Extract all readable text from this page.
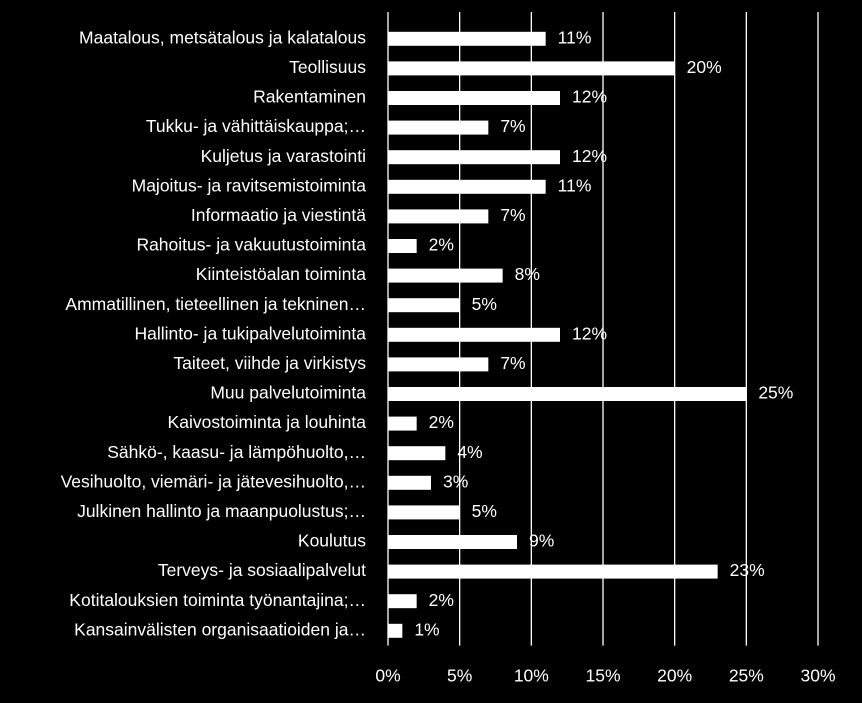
Maatalous, metsätalous ja kalatalous
Teollisuus
Rakentaminen
Tukku- ja vähittäiskauppa;…
Kuljetus ja varastointi
Majoitus- ja ravitsemistoiminta
Informaatio ja viestintä
Rahoitus- ja vakuutustoiminta
Kiinteistöalan toiminta
Ammatillinen, tieteellinen ja tekninen…
Hallinto- ja tukipalvelutoiminta
Taiteet, viihde ja virkistys
Muu palvelutoiminta
Kaivostoiminta ja louhinta
Sähkö-, kaasu- ja lämpöhuolto,…
Vesihuolto, viemäri- ja jätevesihuolto,…
Julkinen hallinto ja maanpuolustus;…
Koulutus
Terveys- ja sosiaalipalvelut
Kotitalouksien toiminta työnantajina;…
Kansainvälisten organisaatioiden ja…
11%
20%
12%
7%
12%
11%
7%
2%
8%
5%
12%
7%
25%
2%
4%
3%
5%
9%
23%
2%
1%
0%	5% 10% 15% 20% 25% 30%
